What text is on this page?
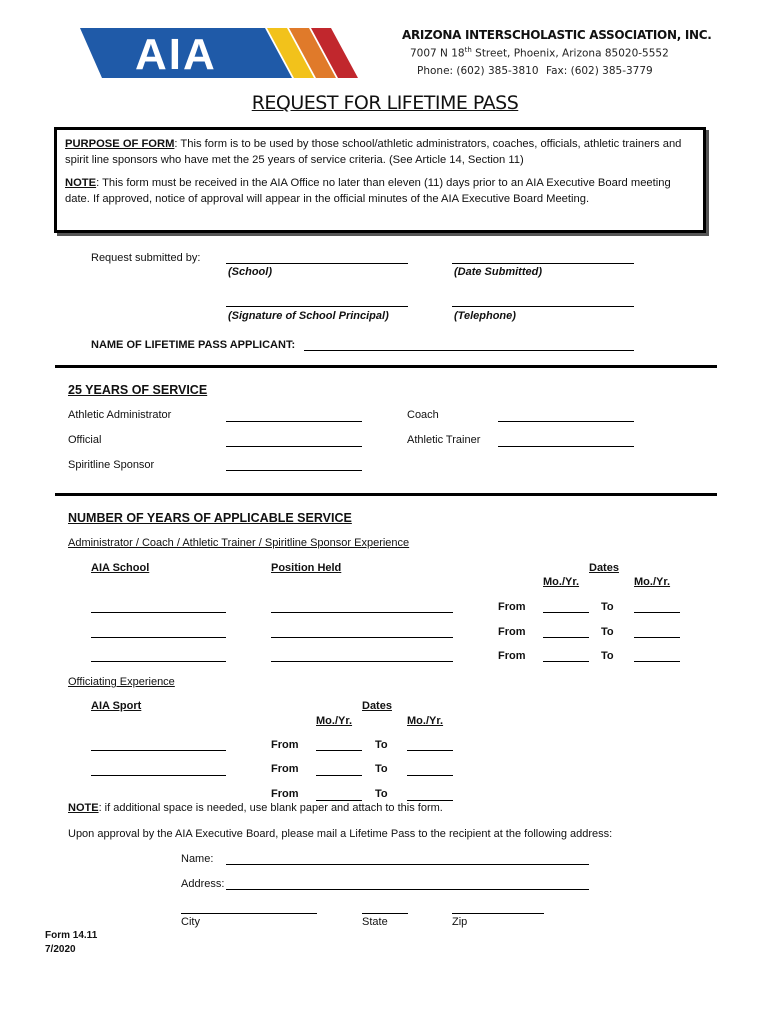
AIA	ARIZONA INTERSCHOLASTIC ASSOCIATION, INC.
7007 N 18th Street, Phoenix, Arizona 85020-5552
Phone: (602) 385-3810 Fax: (602) 385-3779
REQUEST FOR LIFETIME PASS

PURPOSE OF FORM: This form is to be used by those school/athletic administrators, coaches, officials, athletic trainers and spirit line sponsors who have met the 25 years of service criteria. (See Article 14, Section 11)

NOTE: This form must be received in the AIA Office no later than eleven (11) days prior to an AIA Executive Board meeting date. If approved, notice of approval will appear in the official minutes of the AIA Executive Board Meeting.

Request submitted by:
(School)	(Date Submitted)
(Signature of School Principal)	(Telephone)
NAME OF LIFETIME PASS APPLICANT:
25 YEARS OF SERVICE
Athletic Administrator	Coach
Official	Athletic Trainer
Spiritline Sponsor
NUMBER OF YEARS OF APPLICABLE SERVICE
Administrator / Coach / Athletic Trainer / Spiritline Sponsor Experience
AIA School	Position Held	Dates
Mo./Yr.	Mo./Yr.
From	To
From	To
From	To
Officiating Experience
AIA Sport	Dates
Mo./Yr.	Mo./Yr.
From	To
From	To
From	To
NOTE: if additional space is needed, use blank paper and attach to this form.
Upon approval by the AIA Executive Board, please mail a Lifetime Pass to the recipient at the following address:
Name:
Address:
City	State	Zip
Form 14.11
7/2020
